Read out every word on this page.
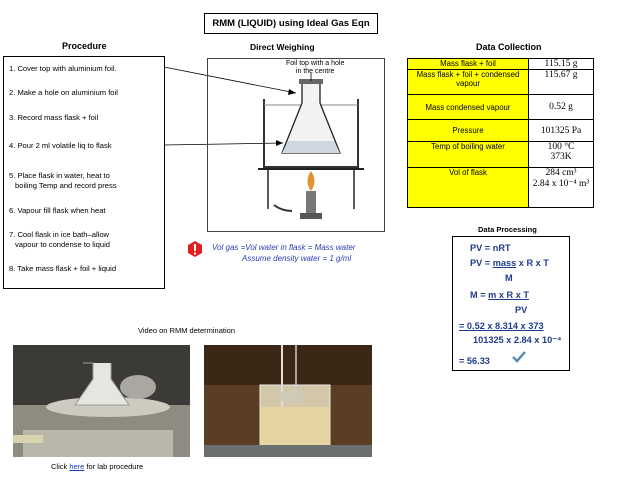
RMM (LIQUID) using Ideal Gas Eqn
Procedure	Direct Weighing	Data Collection
1. Cover top with aluminium foil.
2. Make a hole on aluminium foil
3. Record mass flask + foil
4. Pour 2 ml volatile liq to flask
5. Place flask in water, heat to
boiling Temp and record press
6. Vapour fill flask when heat
7. Cool flask in ice bath–allow
vapour to condense to liquid
8. Take mass flask + foil + liquid
Foil top with a hole
in the centre
Mass flask + foil	115.15 g
Mass flask + foil + condensed vapour	115.67 g
Mass condensed vapour	0.52 g
Pressure	101325 Pa
Temp of boiling water	100 °C
373K

Vol of flask	284 cm³
2.84 x 10⁻⁴ m³
Vol gas =Vol water in flask = Mass water
Assume density water = 1 g/ml
Data Processing
PV = nRT
PV = mass x R x T
M
M = m x R x T
PV
= 0.52 x 8.314 x 373
101325 x 2.84 x 10⁻⁴
= 56.33
Video on RMM determination
Click here for lab procedure
